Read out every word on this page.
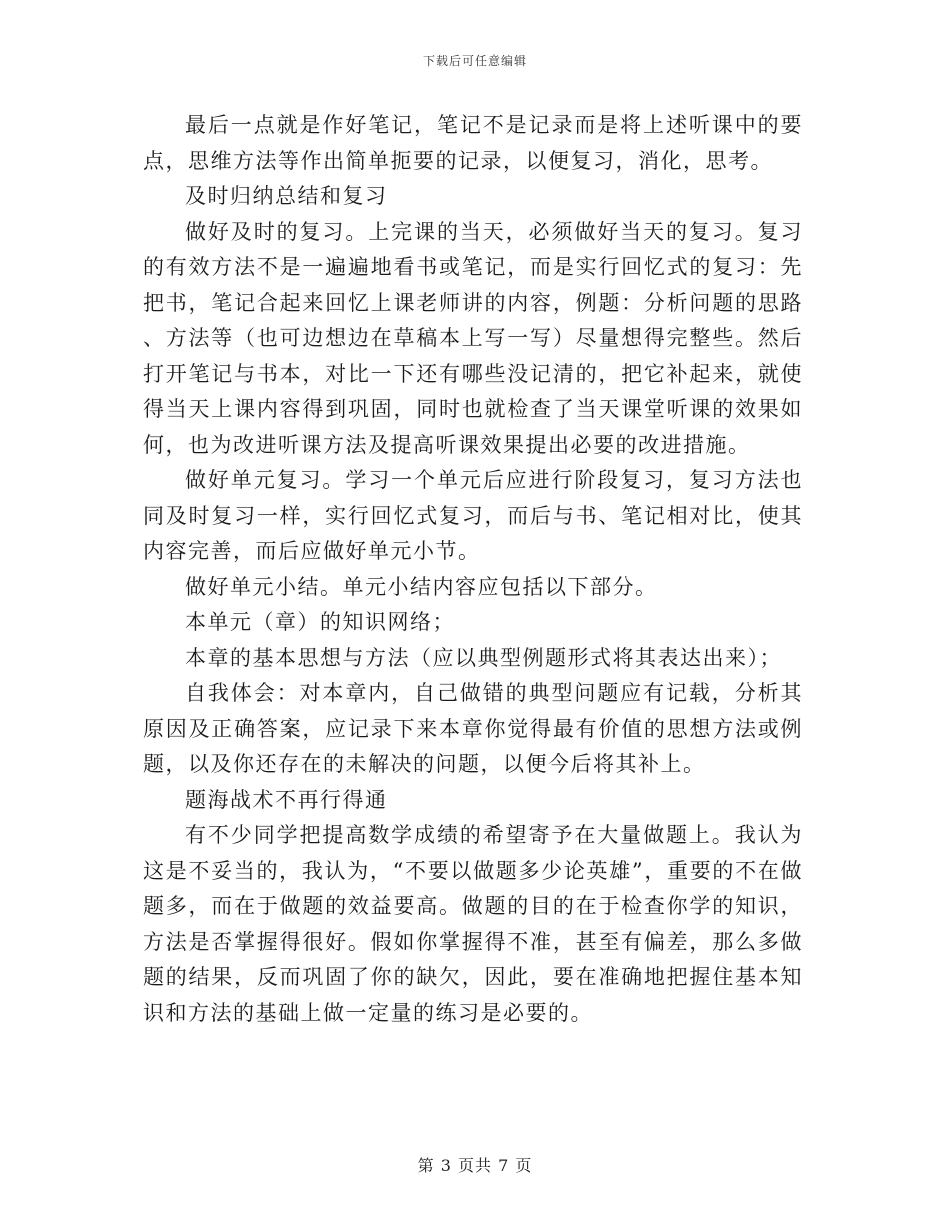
下载后可任意编辑

最后一点就是作好笔记，笔记不是记录而是将上述听课中的要点，思维方法等作出简单扼要的记录，以便复习，消化，思考。

及时归纳总结和复习

做好及时的复习。上完课的当天，必须做好当天的复习。复习的有效方法不是一遍遍地看书或笔记，而是实行回忆式的复习：先把书，笔记合起来回忆上课老师讲的内容，例题：分析问题的思路、方法等（也可边想边在草稿本上写一写）尽量想得完整些。然后打开笔记与书本，对比一下还有哪些没记清的，把它补起来，就使得当天上课内容得到巩固，同时也就检查了当天课堂听课的效果如何，也为改进听课方法及提高听课效果提出必要的改进措施。

做好单元复习。学习一个单元后应进行阶段复习，复习方法也同及时复习一样，实行回忆式复习，而后与书、笔记相对比，使其内容完善，而后应做好单元小节。

做好单元小结。单元小结内容应包括以下部分。

本单元（章）的知识网络；

本章的基本思想与方法（应以典型例题形式将其表达出来）；

自我体会：对本章内，自己做错的典型问题应有记载，分析其原因及正确答案，应记录下来本章你觉得最有价值的思想方法或例题，以及你还存在的未解决的问题，以便今后将其补上。

题海战术不再行得通

有不少同学把提高数学成绩的希望寄予在大量做题上。我认为这是不妥当的，我认为，“不要以做题多少论英雄”，重要的不在做题多，而在于做题的效益要高。做题的目的在于检查你学的知识，方法是否掌握得很好。假如你掌握得不准，甚至有偏差，那么多做题的结果，反而巩固了你的缺欠，因此，要在准确地把握住基本知识和方法的基础上做一定量的练习是必要的。

第 3 页共 7 页
